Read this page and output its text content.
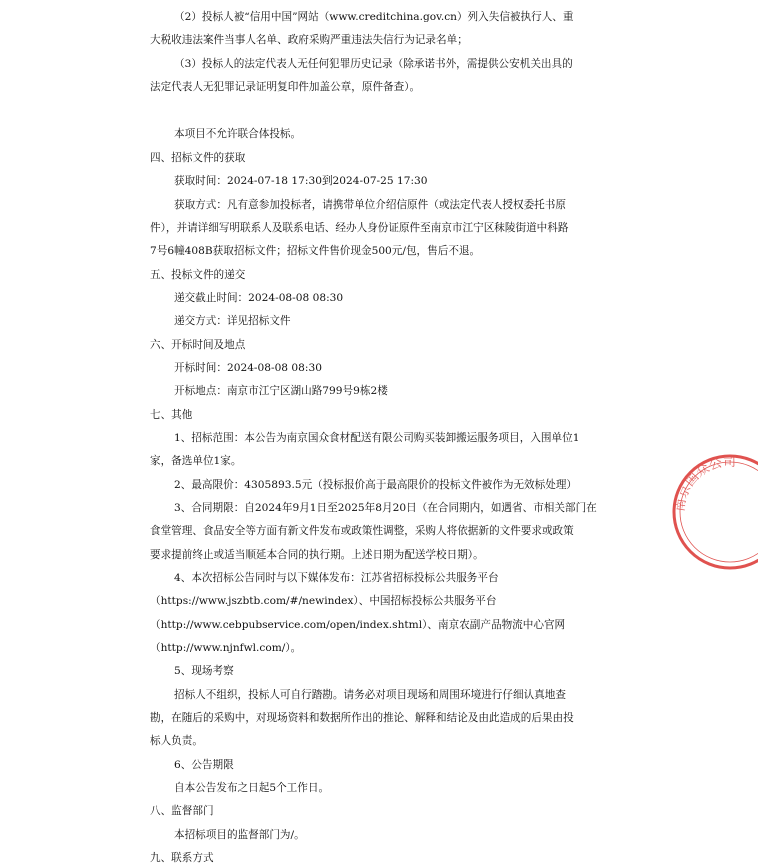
（2）投标人被“信用中国”网站（www.creditchina.gov.cn）列入失信被执行人、重
大税收违法案件当事人名单、政府采购严重违法失信行为记录名单；
（3）投标人的法定代表人无任何犯罪历史记录（除承诺书外，需提供公安机关出具的
法定代表人无犯罪记录证明复印件加盖公章，原件备查）。
本项目不允许联合体投标。
四、招标文件的获取
获取时间：2024-07-18 17:30到2024-07-25 17:30
获取方式：凡有意参加投标者，请携带单位介绍信原件（或法定代表人授权委托书原
件），并请详细写明联系人及联系电话、经办人身份证原件至南京市江宁区秣陵街道中科路
7号6幢408B获取招标文件；招标文件售价现金500元/包，售后不退。
五、投标文件的递交
递交截止时间：2024-08-08 08:30
递交方式：详见招标文件
六、开标时间及地点
开标时间：2024-08-08 08:30
开标地点：南京市江宁区湖山路799号9栋2楼
七、其他
1、招标范围：本公告为南京国众食材配送有限公司购买装卸搬运服务项目，入围单位1
家，备选单位1家。
2、最高限价：4305893.5元（投标报价高于最高限价的投标文件被作为无效标处理）
3、合同期限：自2024年9月1日至2025年8月20日（在合同期内，如遇省、市相关部门在
食堂管理、食品安全等方面有新文件发布或政策性调整，采购人将依据新的文件要求或政策
要求提前终止或适当顺延本合同的执行期。上述日期为配送学校日期）。
4、本次招标公告同时与以下媒体发布：江苏省招标投标公共服务平台
（https://www.jszbtb.com/#/newindex）、中国招标投标公共服务平台
（http://www.cebpubservice.com/open/index.shtml）、南京农副产品物流中心官网
（http://www.njnfwl.com/）。
5、现场考察
招标人不组织，投标人可自行踏勘。请务必对项目现场和周围环境进行仔细认真地查
勘，在随后的采购中，对现场资料和数据所作出的推论、解释和结论及由此造成的后果由投
标人负责。
6、公告期限
自本公告发布之日起5个工作日。
八、监督部门
本招标项目的监督部门为/。
九、联系方式
南京国众公司
